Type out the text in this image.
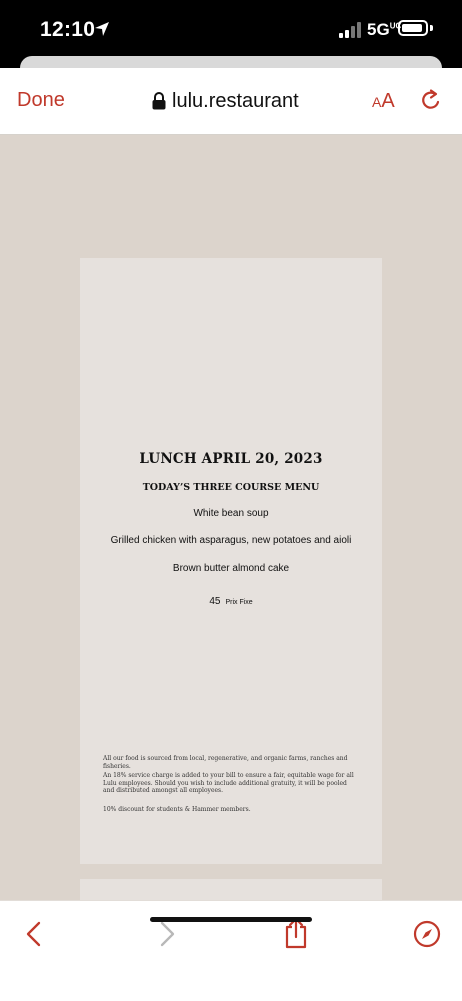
12:10	$5G^{UC}$
Done	lulu.restaurant	AA
LUNCH APRIL 20, 2023
TODAY’S THREE COURSE MENU
White bean soup
Grilled chicken with asparagus, new potatoes and aioli
Brown butter almond cake
45 Prix Fixe
All our food is sourced from local, regenerative, and organic farms, ranches and fisheries.
An 18% service charge is added to your bill to ensure a fair, equitable wage for all Lulu employees. Should you wish to include additional gratuity, it will be pooled and distributed amongst all employees.
10% discount for students & Hammer members.
